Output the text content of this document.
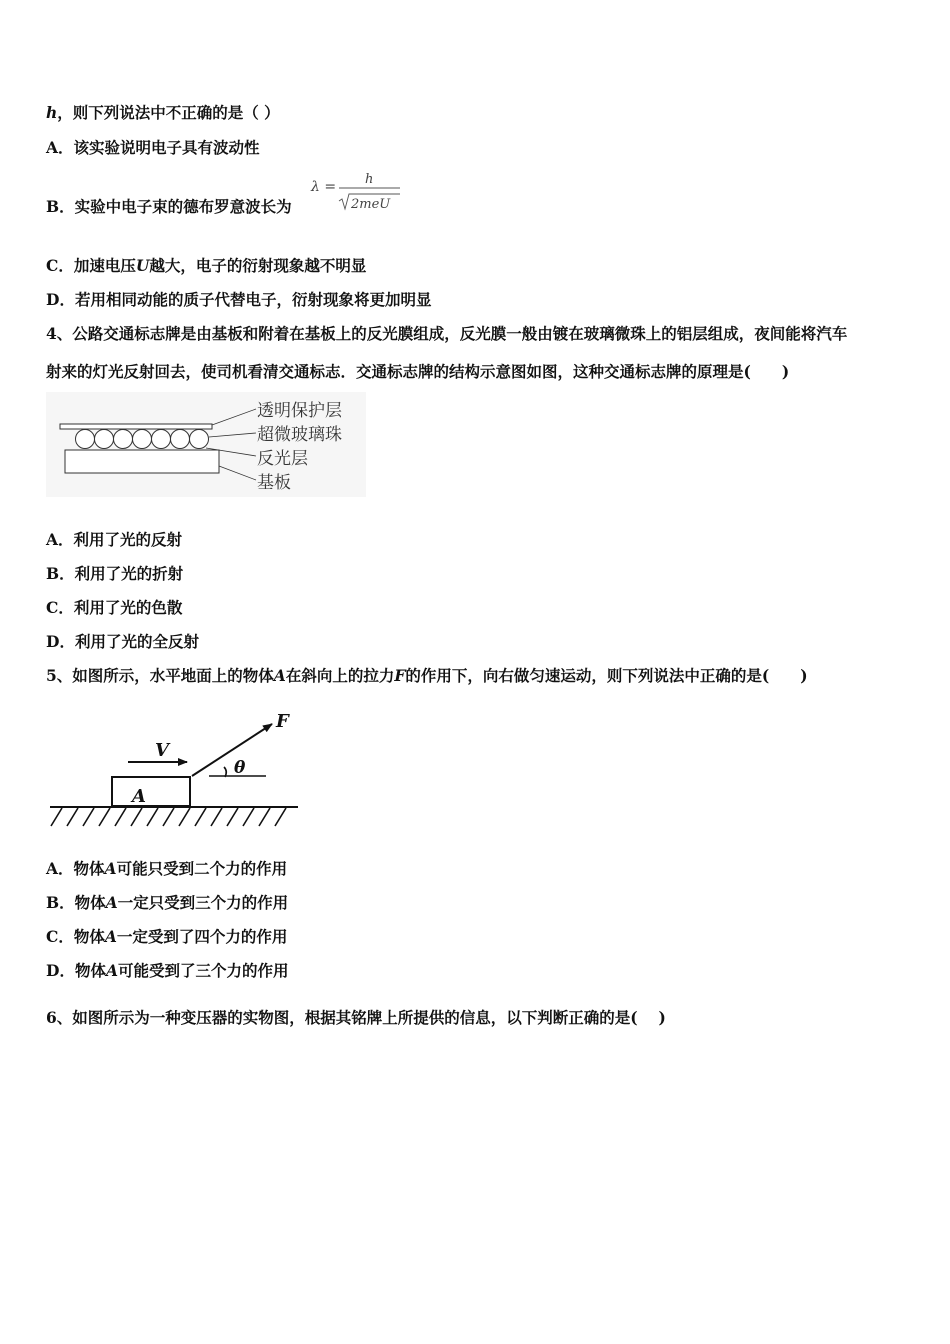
h，则下列说法中不正确的是（ ）
A．该实验说明电子具有波动性
B．实验中电子束的德布罗意波长为
λ = h
2meU
C．加速电压U越大，电子的衍射现象越不明显
D．若用相同动能的质子代替电子，衍射现象将更加明显
4、公路交通标志牌是由基板和附着在基板上的反光膜组成，反光膜一般由镀在玻璃微珠上的铝层组成，夜间能将汽车
射来的灯光反射回去，使司机看清交通标志．交通标志牌的结构示意图如图，这种交通标志牌的原理是(　　)
透明保护层
超微玻璃珠
反光层
基板
A．利用了光的反射
B．利用了光的折射
C．利用了光的色散
D．利用了光的全反射
5、如图所示，水平地面上的物体A在斜向上的拉力F的作用下，向右做匀速运动，则下列说法中正确的是(　　)
A
V
F
θ
A．物体A可能只受到二个力的作用
B．物体A一定只受到三个力的作用
C．物体A一定受到了四个力的作用
D．物体A可能受到了三个力的作用
6、如图所示为一种变压器的实物图，根据其铭牌上所提供的信息，以下判断正确的是(　 )
